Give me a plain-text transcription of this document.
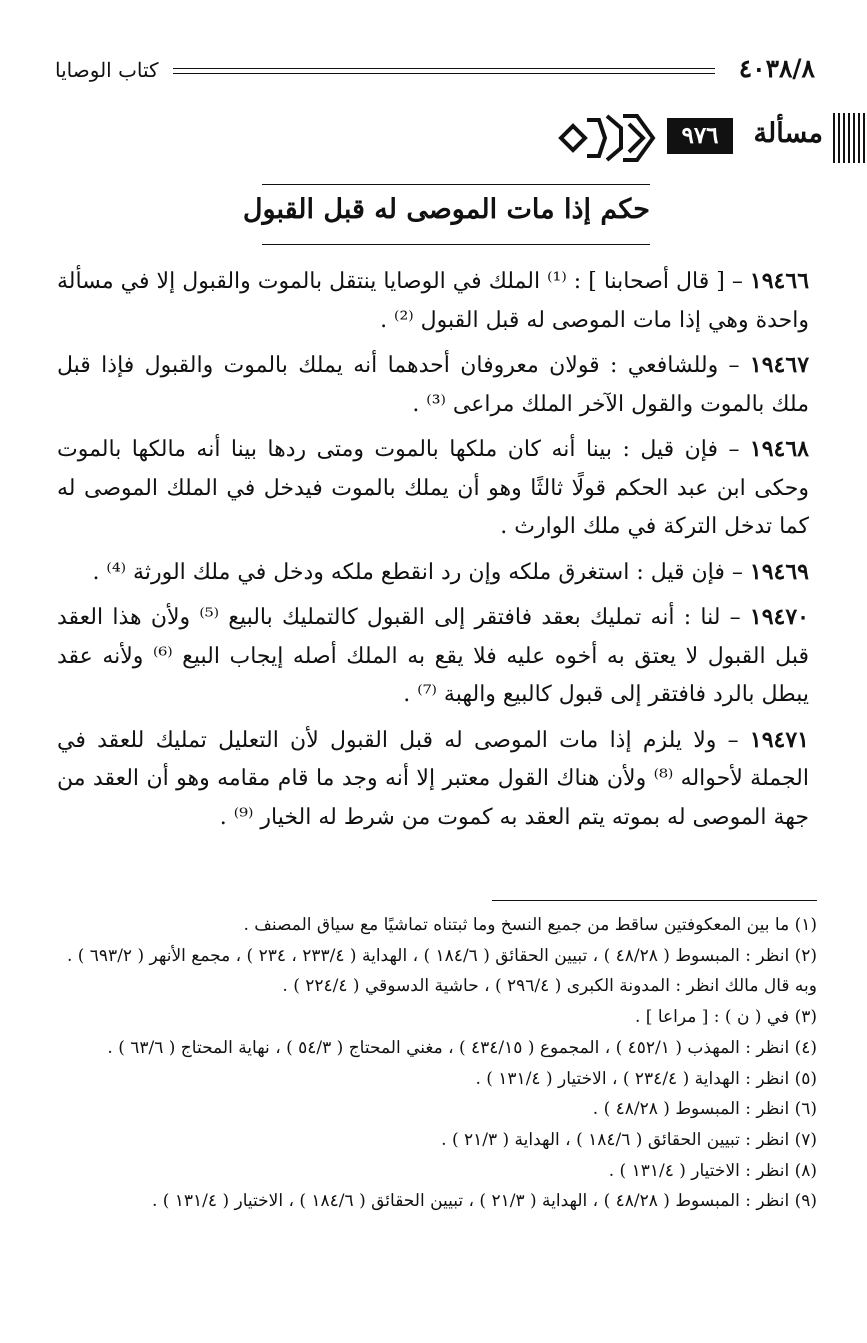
٤٠٣٨/٨
كتاب الوصايا
مسألة
٩٧٦
حكم إذا مات الموصى له قبل القبول

١٩٤٦٦ – [ قال أصحابنا ] : ⁽¹⁾ الملك في الوصايا ينتقل بالموت والقبول إلا في مسألة واحدة وهي إذا مات الموصى له قبل القبول ⁽²⁾ .

١٩٤٦٧ – وللشافعي : قولان معروفان أحدهما أنه يملك بالموت والقبول فإذا قبل ملك بالموت والقول الآخر الملك مراعى ⁽³⁾ .

١٩٤٦٨ – فإن قيل : بينا أنه كان ملكها بالموت ومتى ردها بينا أنه مالكها بالموت وحكى ابن عبد الحكم قولًا ثالثًا وهو أن يملك بالموت فيدخل في الملك الموصى له كما تدخل التركة في ملك الوارث .

١٩٤٦٩ – فإن قيل : استغرق ملكه وإن رد انقطع ملكه ودخل في ملك الورثة ⁽⁴⁾ .

١٩٤٧٠ – لنا : أنه تمليك بعقد فافتقر إلى القبول كالتمليك بالبيع ⁽⁵⁾ ولأن هذا العقد قبل القبول لا يعتق به أخوه عليه فلا يقع به الملك أصله إيجاب البيع ⁽⁶⁾ ولأنه عقد يبطل بالرد فافتقر إلى قبول كالبيع والهبة ⁽⁷⁾ .

١٩٤٧١ – ولا يلزم إذا مات الموصى له قبل القبول لأن التعليل تمليك للعقد في الجملة لأحواله ⁽⁸⁾ ولأن هناك القول معتبر إلا أنه وجد ما قام مقامه وهو أن العقد من جهة الموصى له بموته يتم العقد به كموت من شرط له الخيار ⁽⁹⁾ .

(١) ما بين المعكوفتين ساقط من جميع النسخ وما ثبتناه تماشيًا مع سياق المصنف .

(٢) انظر : المبسوط ( ٤٨/٢٨ ) ، تبيين الحقائق ( ١٨٤/٦ ) ، الهداية ( ٢٣٣/٤ ، ٢٣٤ ) ، مجمع الأنهر ( ٦٩٣/٢ ) . وبه قال مالك انظر : المدونة الكبرى ( ٢٩٦/٤ ) ، حاشية الدسوقي ( ٢٢٤/٤ ) .

(٣) في ( ن ) : [ مراعا ] .

(٤) انظر : المهذب ( ٤٥٢/١ ) ، المجموع ( ٤٣٤/١٥ ) ، مغني المحتاج ( ٥٤/٣ ) ، نهاية المحتاج ( ٦٣/٦ ) .

(٥) انظر : الهداية ( ٢٣٤/٤ ) ، الاختيار ( ١٣١/٤ ) .

(٦) انظر : المبسوط ( ٤٨/٢٨ ) .

(٧) انظر : تبيين الحقائق ( ١٨٤/٦ ) ، الهداية ( ٢١/٣ ) .

(٨) انظر : الاختيار ( ١٣١/٤ ) .

(٩) انظر : المبسوط ( ٤٨/٢٨ ) ، الهداية ( ٢١/٣ ) ، تبيين الحقائق ( ١٨٤/٦ ) ، الاختيار ( ١٣١/٤ ) .
